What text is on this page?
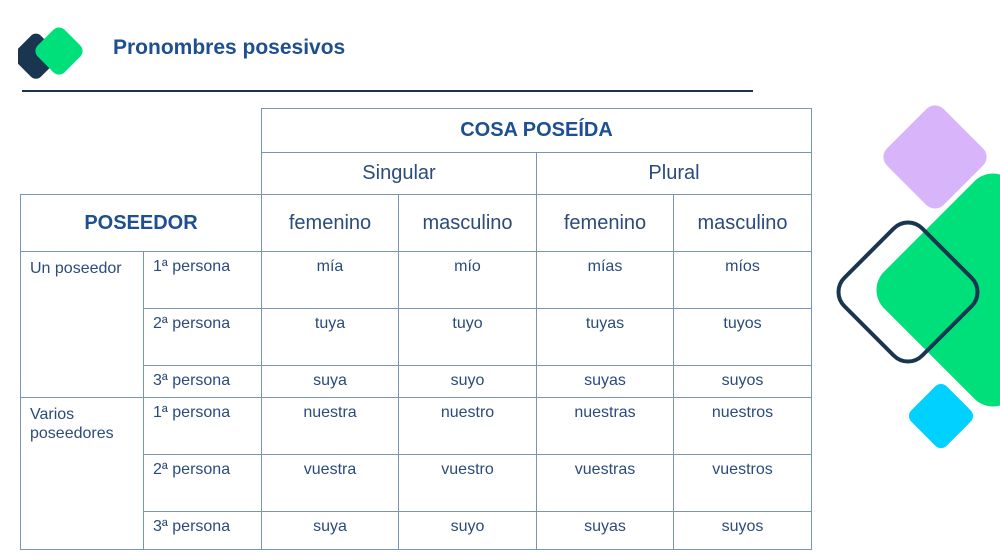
Pronombres posesivos
		COSA POSEÍDA			
		Singular		Plural	
POSEEDOR		femenino	masculino	femenino	masculino
Un poseedor	1ª persona	mía	mío	mías	míos
	2ª persona	tuya	tuyo	tuyas	tuyos
	3ª persona	suya	suyo	suyas	suyos
Varios poseedores	1ª persona	nuestra	nuestro	nuestras	nuestros
	2ª persona	vuestra	vuestro	vuestras	vuestros
	3ª persona	suya	suyo	suyas	suyos
